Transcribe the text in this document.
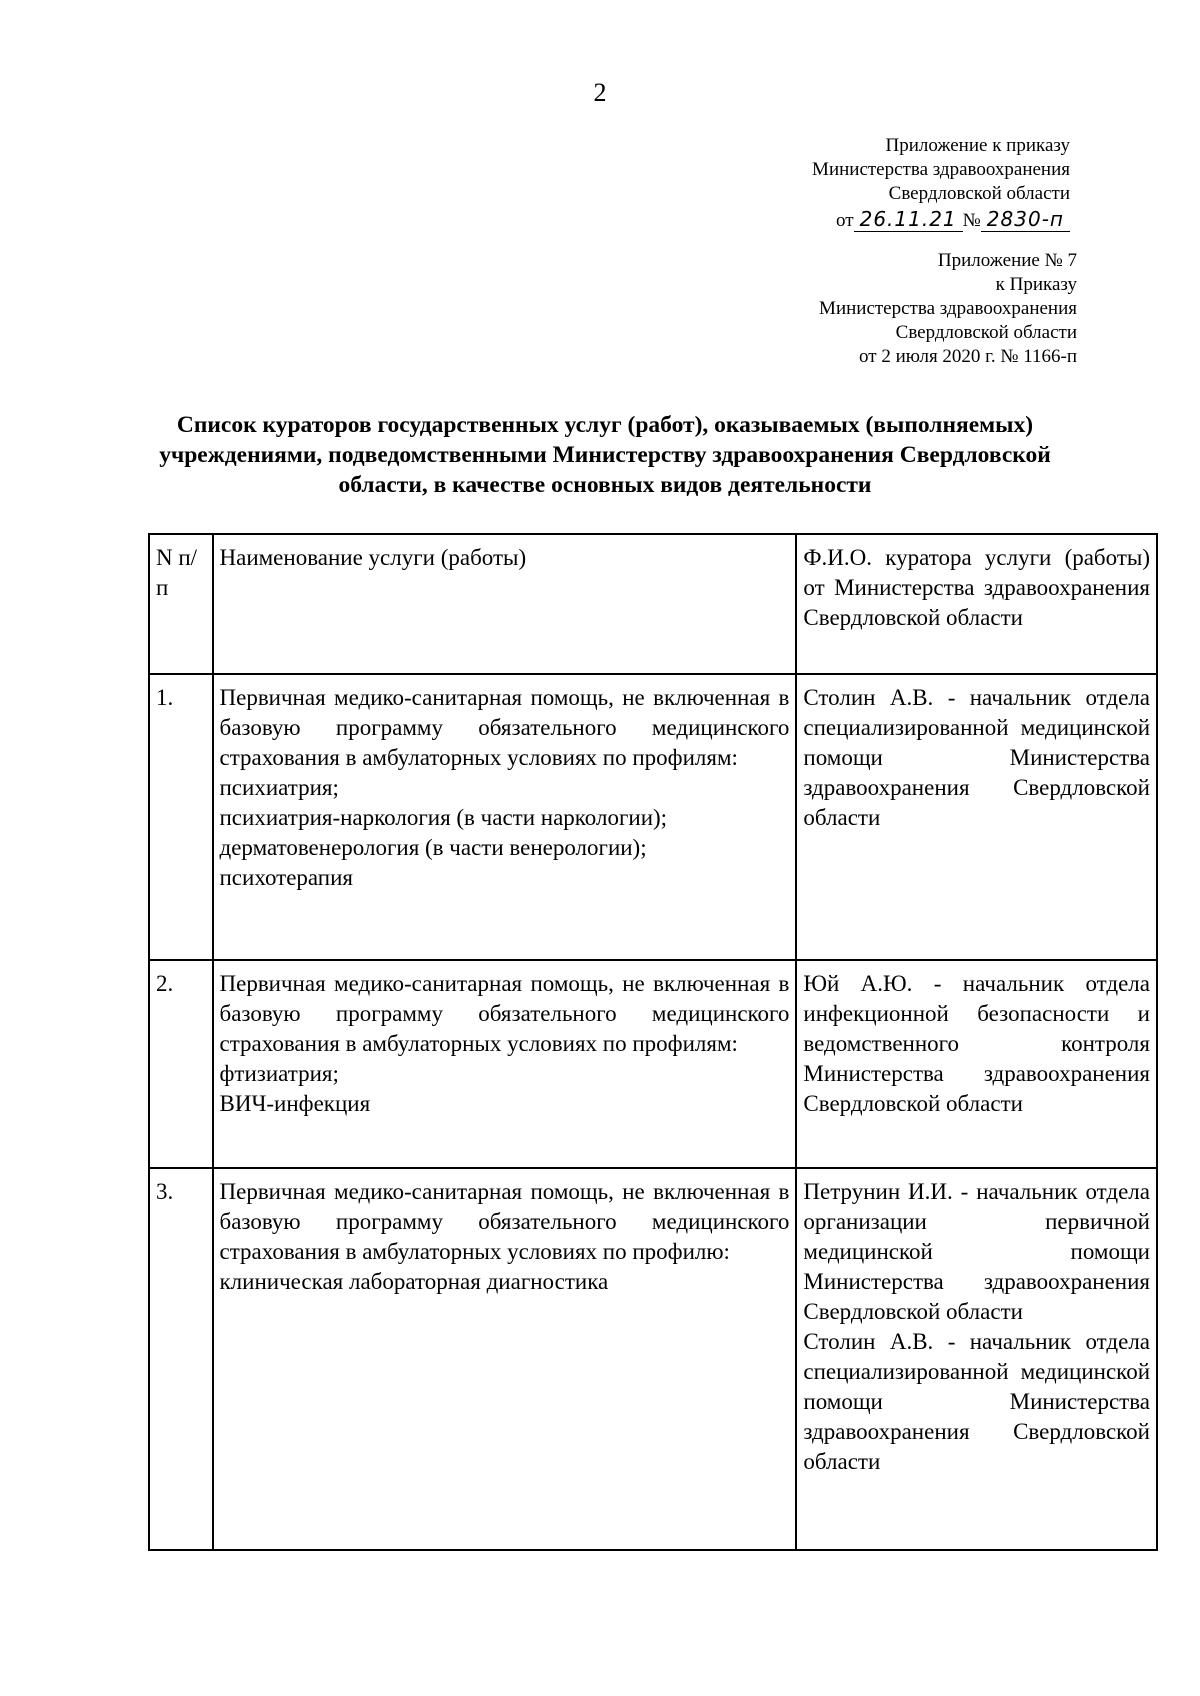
2
Приложение к приказу
Министерства здравоохранения
Свердловской области
от 26.11.21 № 2830-п
Приложение № 7
к Приказу
Министерства здравоохранения
Свердловской области
от 2 июля 2020 г. № 1166-п
Список кураторов государственных услуг (работ), оказываемых (выполняемых) учреждениями, подведомственными Министерству здравоохранения Свердловской области, в качестве основных видов деятельности
N п/п	Наименование услуги (работы)	Ф.И.О. куратора услуги (работы) от Министерства здравоохранения Свердловской области
1.	Первичная медико-санитарная помощь, не включенная в базовую программу обязательного медицинского страхования в амбулаторных условиях по профилям:
психиатрия;
психиатрия-наркология (в части наркологии);
дерматовенерология (в части венерологии);
психотерапия	Столин А.В. - начальник отдела специализированной медицинской помощи Министерства здравоохранения Свердловской области

2.	Первичная медико-санитарная помощь, не включенная в базовую программу обязательного медицинского страхования в амбулаторных условиях по профилям:
фтизиатрия;
ВИЧ-инфекция	Юй А.Ю. - начальник отдела инфекционной безопасности и ведомственного контроля Министерства здравоохранения Свердловской области

3.	Первичная медико-санитарная помощь, не включенная в базовую программу обязательного медицинского страхования в амбулаторных условиях по профилю:
клиническая лабораторная диагностика	Петрунин И.И. - начальник отдела организации первичной медицинской помощи Министерства здравоохранения Свердловской области
Столин А.В. - начальник отдела специализированной медицинской помощи Министерства здравоохранения Свердловской области
